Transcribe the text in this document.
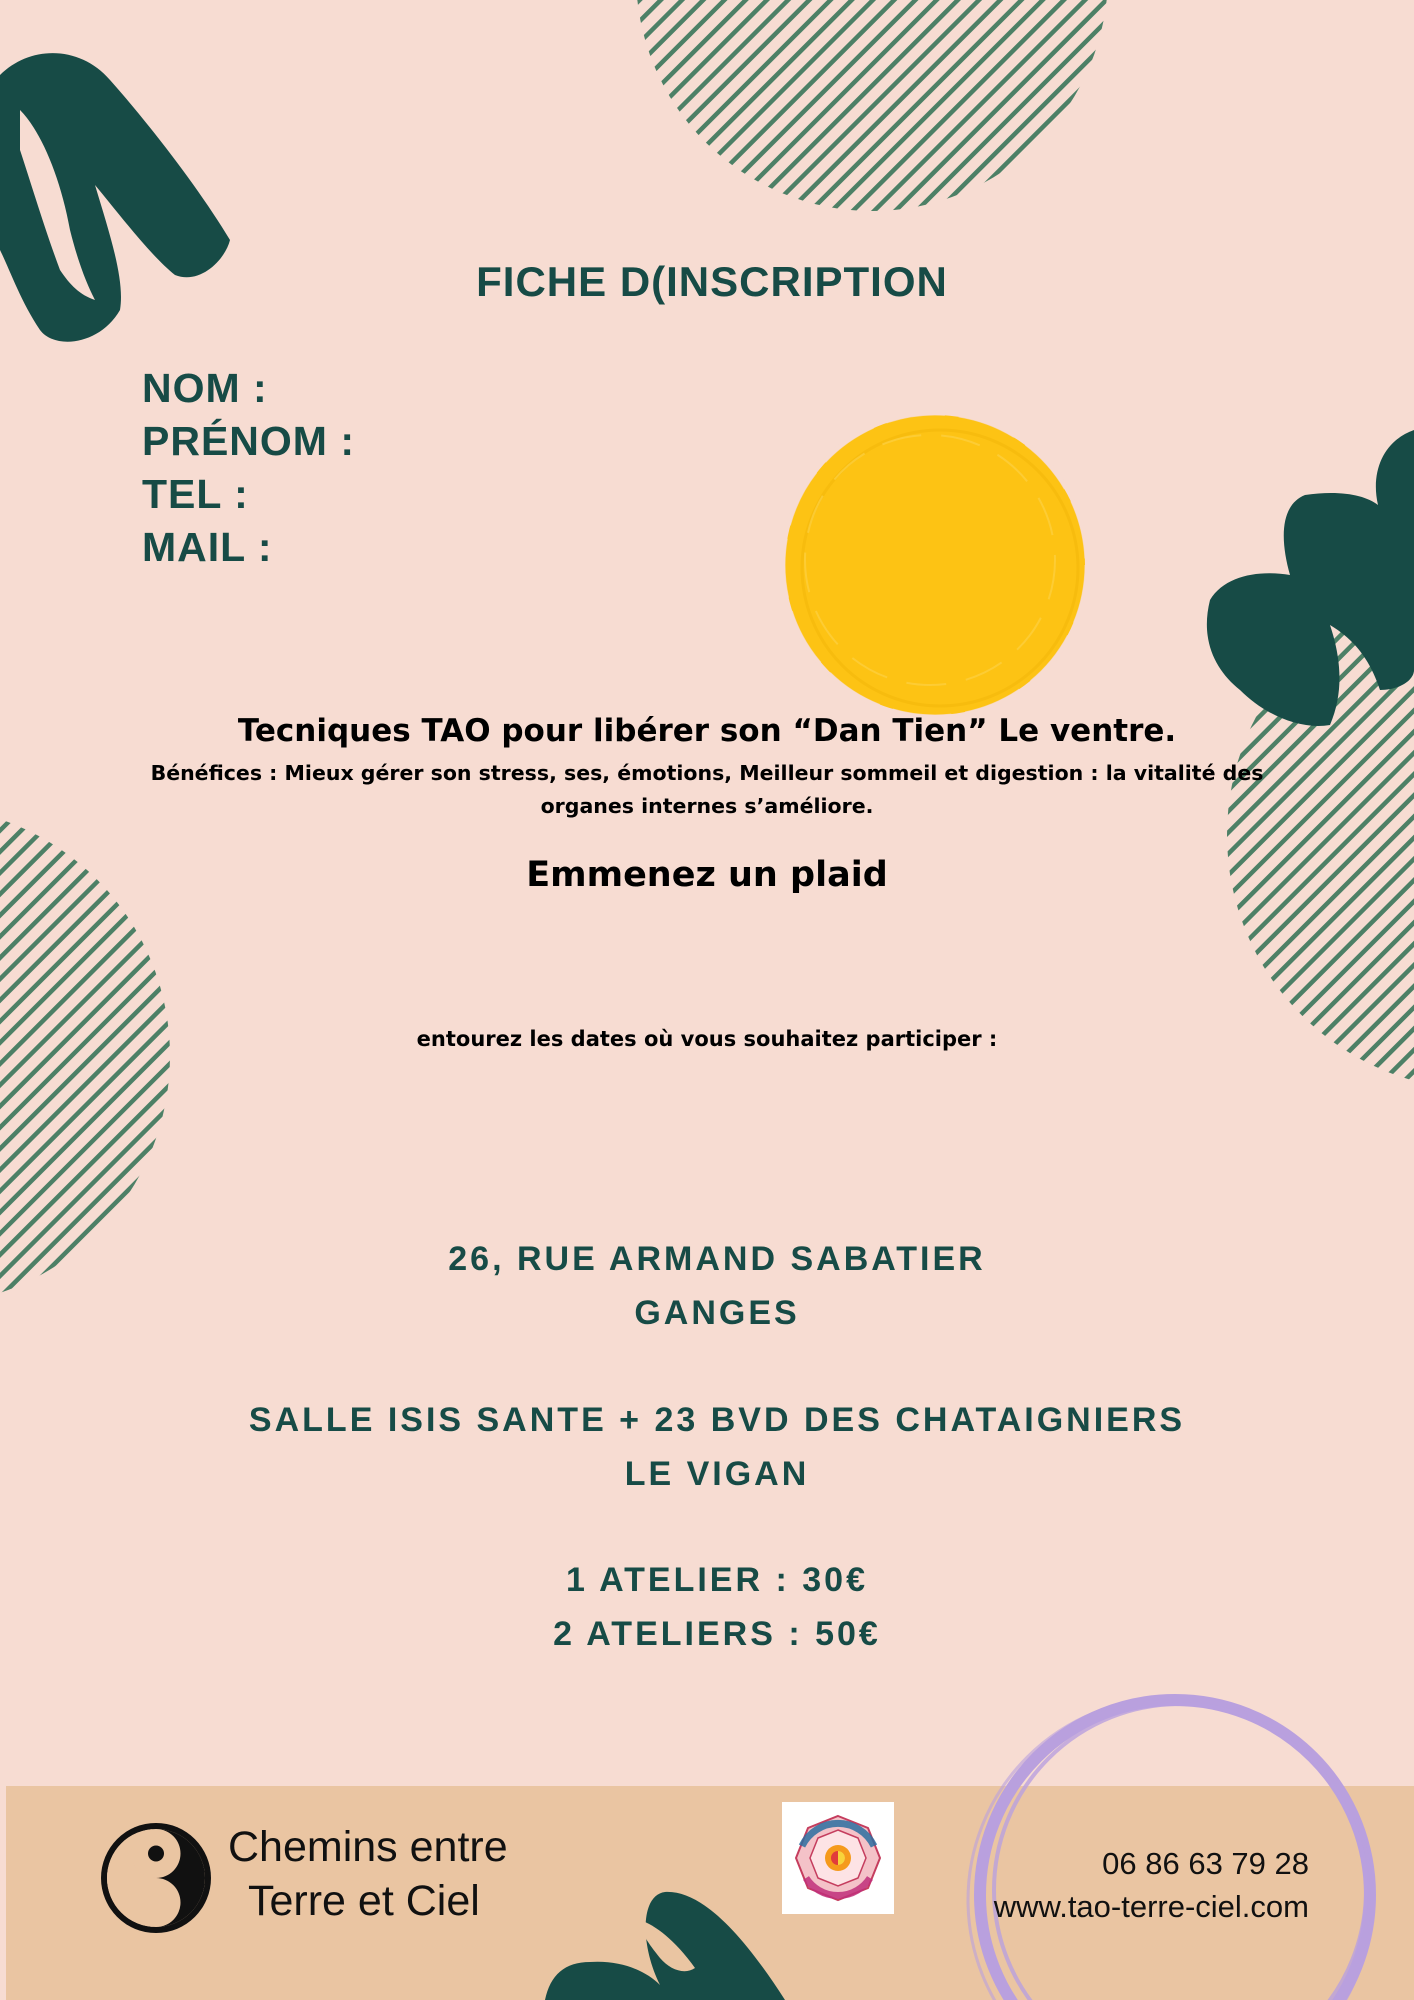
FICHE D(INSCRIPTION
NOM :
PRÉNOM :
TEL :
MAIL :
Tecniques TAO pour libérer son “Dan Tien” Le ventre.
Bénéfices : Mieux gérer son stress, ses, émotions, Meilleur sommeil et digestion : la vitalité des organes internes s’améliore.
Emmenez un plaid
entourez les dates où vous souhaitez participer :
26, RUE ARMAND SABATIER
GANGES
SALLE ISIS SANTE + 23 BVD DES CHATAIGNIERS
LE VIGAN
1 ATELIER : 30€
2 ATELIERS : 50€
Chemins entre
Terre et Ciel
06 86 63 79 28
www.tao-terre-ciel.com
